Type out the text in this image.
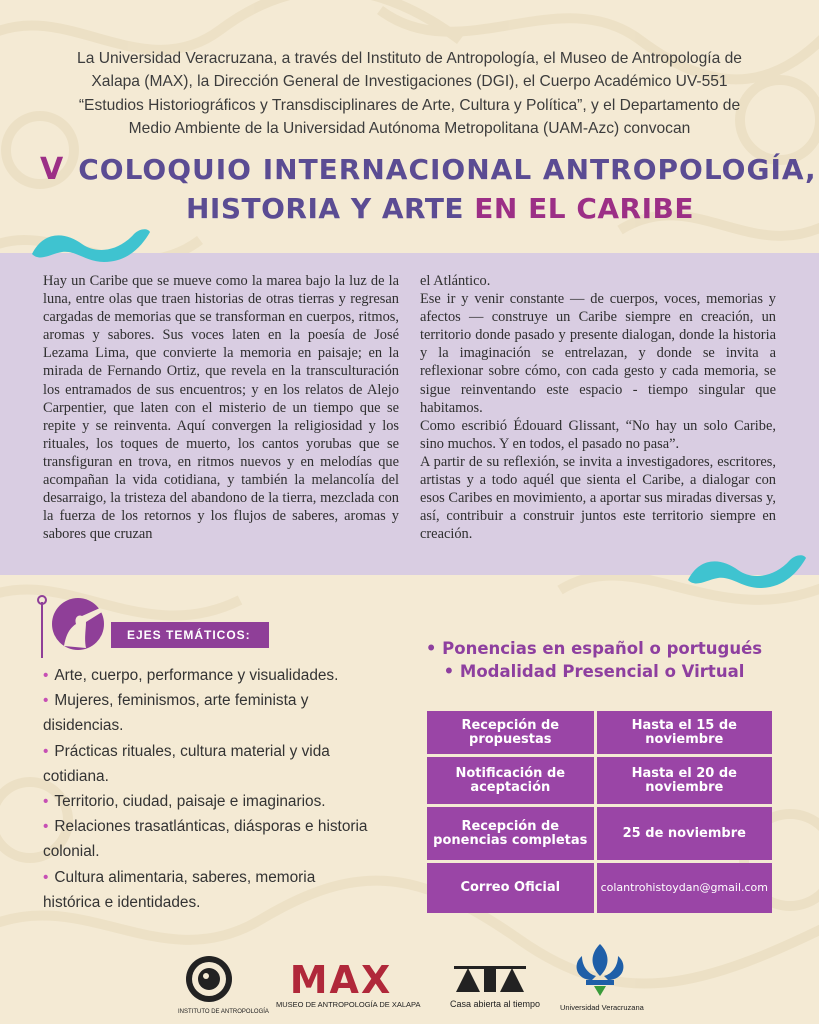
La Universidad Veracruzana, a través del Instituto de Antropología, el Museo de Antropología de
Xalapa (MAX), la Dirección General de Investigaciones (DGI), el Cuerpo Académico UV-551
“Estudios Historiográficos y Transdisciplinares de Arte, Cultura y Política”, y el Departamento de
Medio Ambiente de la Universidad Autónoma Metropolitana (UAM-Azc) convocan
V COLOQUIO INTERNACIONAL ANTROPOLOGÍA,
HISTORIA Y ARTE EN EL CARIBE

Hay un Caribe que se mueve como la marea bajo la luz de la luna, entre olas que traen historias de otras tierras y regresan cargadas de memorias que se transforman en cuerpos, ritmos, aromas y sabores. Sus voces laten en la poesía de José Lezama Lima, que convierte la memoria en paisaje; en la mirada de Fernando Ortiz, que revela en la transculturación los entramados de sus encuentros; y en los relatos de Alejo Carpentier, que laten con el misterio de un tiempo que se repite y se reinventa. Aquí convergen la religiosidad y los rituales, los toques de muerto, los cantos yorubas que se transfiguran en trova, en ritmos nuevos y en melodías que acompañan la vida cotidiana, y también la melancolía del desarraigo, la tristeza del abandono de la tierra, mezclada con la fuerza de los retornos y los flujos de saberes, aromas y sabores que cruzan

el Atlántico.

Ese ir y venir constante — de cuerpos, voces, memorias y afectos — construye un Caribe siempre en creación, un territorio donde pasado y presente dialogan, donde la historia y la imaginación se entrelazan, y donde se invita a reflexionar sobre cómo, con cada gesto y cada memoria, se sigue reinventando este espacio - tiempo singular que habitamos.

Como escribió Édouard Glissant, “No hay un solo Caribe, sino muchos. Y en todos, el pasado no pasa”.

A partir de su reflexión, se invita a investigadores, escritores, artistas y a todo aquél que sienta el Caribe, a dialogar con esos Caribes en movimiento, a aportar sus miradas diversas y, así, contribuir a construir juntos este territorio siempre en creación.

EJES TEMÁTICOS:
• Arte, cuerpo, performance y visualidades.
• Mujeres, feminismos, arte feminista y disidencias.
• Prácticas rituales, cultura material y vida cotidiana.
• Territorio, ciudad, paisaje e imaginarios.
• Relaciones trasatlánticas, diásporas e historia colonial.
• Cultura alimentaria, saberes, memoria histórica e identidades.
• Ponencias en español o portugués
• Modalidad Presencial o Virtual
Recepción de propuestas	Hasta el 15 de noviembre
Notificación de aceptación	Hasta el 20 de noviembre
Recepción de ponencias completas	25 de noviembre
Correo Oficial	colantrohistoydan@gmail.com
INSTITUTO DE ANTROPOLOGÍA
MAX
MUSEO DE ANTROPOLOGÍA DE XALAPA	Casa abierta al tiempo	Universidad Veracruzana
